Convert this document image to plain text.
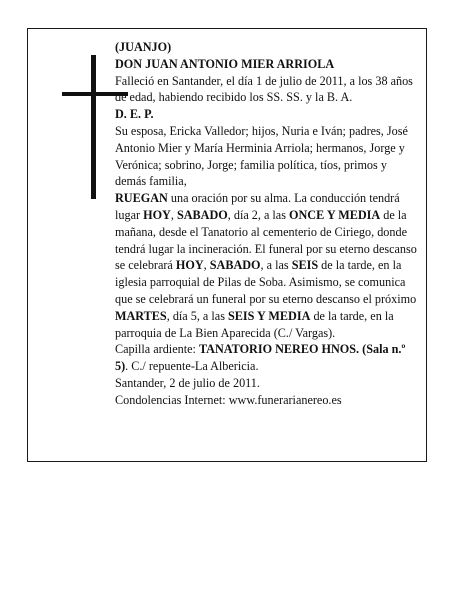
(JUANJO)

DON JUAN ANTONIO MIER ARRIOLA

Falleció en Santander, el día 1 de julio de 2011, a los 38 años de edad, habiendo recibido los SS. SS. y la B. A.

D. E. P.

Su esposa, Ericka Valledor; hijos, Nuria e Iván; padres, José Antonio Mier y María Herminia Arriola; hermanos, Jorge y Verónica; sobrino, Jorge; familia política, tíos, primos y demás familia,

RUEGAN una oración por su alma. La conducción tendrá lugar HOY, SABADO, día 2, a las ONCE Y MEDIA de la mañana, desde el Tanatorio al cementerio de Ciriego, donde tendrá lugar la incineración. El funeral por su eterno descanso se celebrará HOY, SABADO, a las SEIS de la tarde, en la iglesia parroquial de Pilas de Soba. Asimismo, se comunica que se celebrará un funeral por su eterno descanso el próximo MARTES, día 5, a las SEIS Y MEDIA de la tarde, en la parroquia de La Bien Aparecida (C./ Vargas).

Capilla ardiente: TANATORIO NEREO HNOS. (Sala n.º 5). C./ repuente-La Albericia.

Santander, 2 de julio de 2011.

Condolencias Internet: www.funerarianereo.es
